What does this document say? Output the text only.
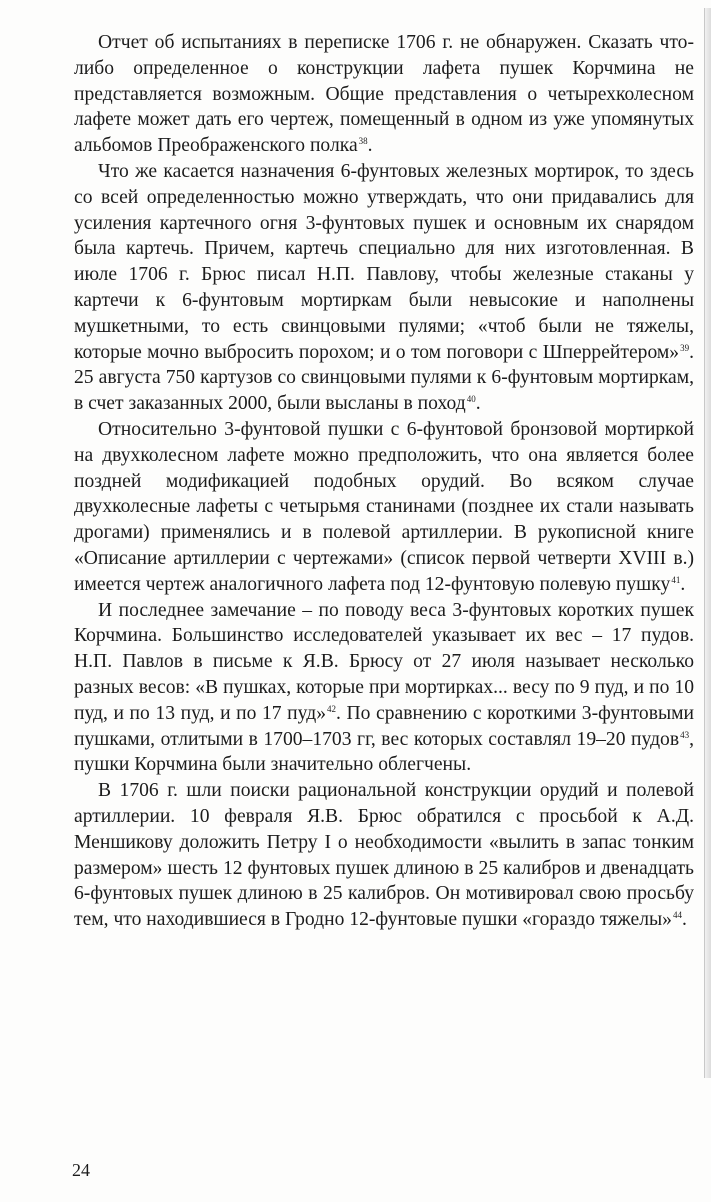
Отчет об испытаниях в переписке 1706 г. не обнаружен. Сказать что-либо определенное о конструкции лафета пушек Корчмина не представляется возможным. Общие представления о четырехколесном лафете может дать его чертеж, помещенный в одном из уже упомянутых альбомов Преображенского полка$^{38}$.

Что же касается назначения 6-фунтовых железных мортирок, то здесь со всей определенностью можно утверждать, что они придавались для усиления картечного огня 3-фунтовых пушек и основным их снарядом была картечь. Причем, картечь специально для них изготовленная. В июле 1706 г. Брюс писал Н.П. Павлову, чтобы железные стаканы у картечи к 6-фунтовым мортиркам были невысокие и наполнены мушкетными, то есть свинцовыми пулями; «чтоб были не тяжелы, которые мочно выбросить порохом; и о том поговори с Шперрейтером»$^{39}$. 25 августа 750 картузов со свинцовыми пулями к 6-фунтовым мортиркам, в счет заказанных 2000, были высланы в поход$^{40}$.

Относительно 3-фунтовой пушки с 6-фунтовой бронзовой мортиркой на двухколесном лафете можно предположить, что она является более поздней модификацией подобных орудий. Во всяком случае двухколесные лафеты с четырьмя станинами (позднее их стали называть дрогами) применялись и в полевой артиллерии. В рукописной книге «Описание артиллерии с чертежами» (список первой четверти XVIII в.) имеется чертеж аналогичного лафета под 12-фунтовую полевую пушку$^{41}$.

И последнее замечание – по поводу веса 3-фунтовых коротких пушек Корчмина. Большинство исследователей указывает их вес – 17 пудов. Н.П. Павлов в письме к Я.В. Брюсу от 27 июля называет несколько разных весов: «В пушках, которые при мортирках... весу по 9 пуд, и по 10 пуд, и по 13 пуд, и по 17 пуд»$^{42}$. По сравнению с короткими 3-фунтовыми пушками, отлитыми в 1700–1703 гг, вес которых составлял 19–20 пудов$^{43}$, пушки Корчмина были значительно облегчены.

В 1706 г. шли поиски рациональной конструкции орудий и полевой артиллерии. 10 февраля Я.В. Брюс обратился с просьбой к А.Д. Меншикову доложить Петру I о необходимости «вылить в запас тонким размером» шесть 12 фунтовых пушек длиною в 25 калибров и двенадцать 6-фунтовых пушек длиною в 25 калибров. Он мотивировал свою просьбу тем, что находившиеся в Гродно 12-фунтовые пушки «гораздо тяжелы»$^{44}$.

24
